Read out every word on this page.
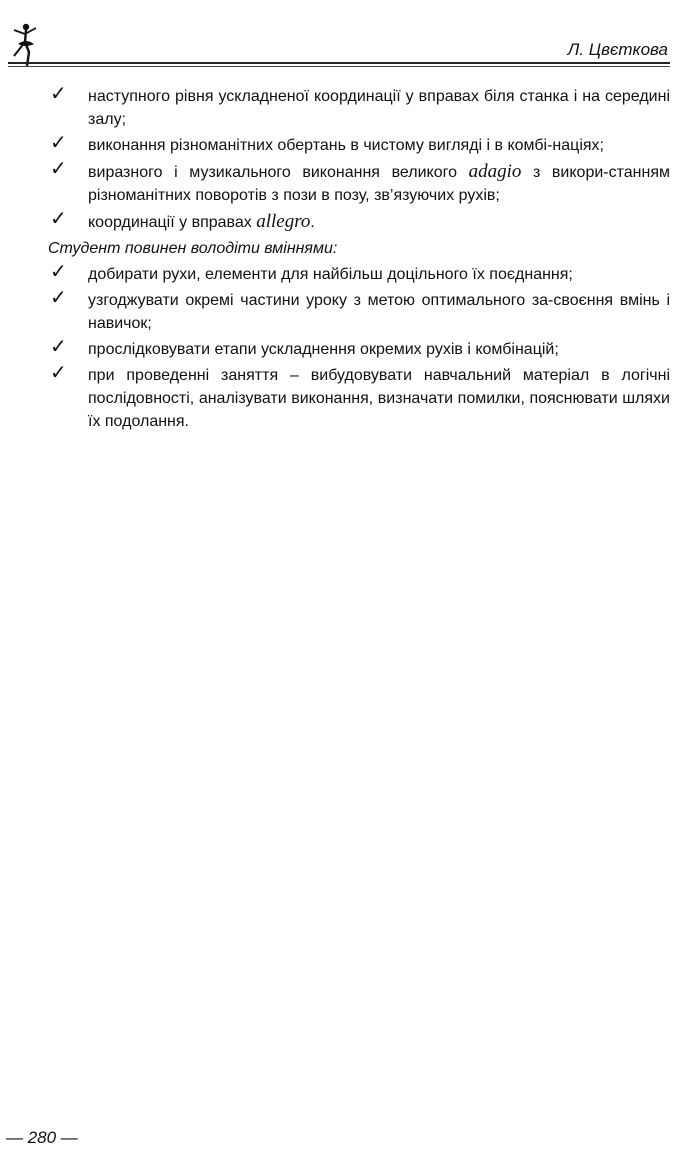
Л. Цвєткова
✓ наступного рівня ускладненої координації у вправах біля станка і на середині залу;
✓ виконання різноманітних обертань в чистому вигляді і в комбі-націях;
✓ виразного і музикального виконання великого adagio з викори-станням різноманітних поворотів з пози в позу, зв’язуючих рухів;
✓ координації у вправах allegro.
Студент повинен володіти вміннями:
✓ добирати рухи, елементи для найбільш доцільного їх поєднання;
✓ узгоджувати окремі частини уроку з метою оптимального за-своєння вмінь і навичок;
✓ прослідковувати етапи ускладнення окремих рухів і комбінацій;
✓ при проведенні заняття – вибудовувати навчальний матеріал в логічні послідовності, аналізувати виконання, визначати помилки, пояснювати шляхи їх подолання.
— 280 —
